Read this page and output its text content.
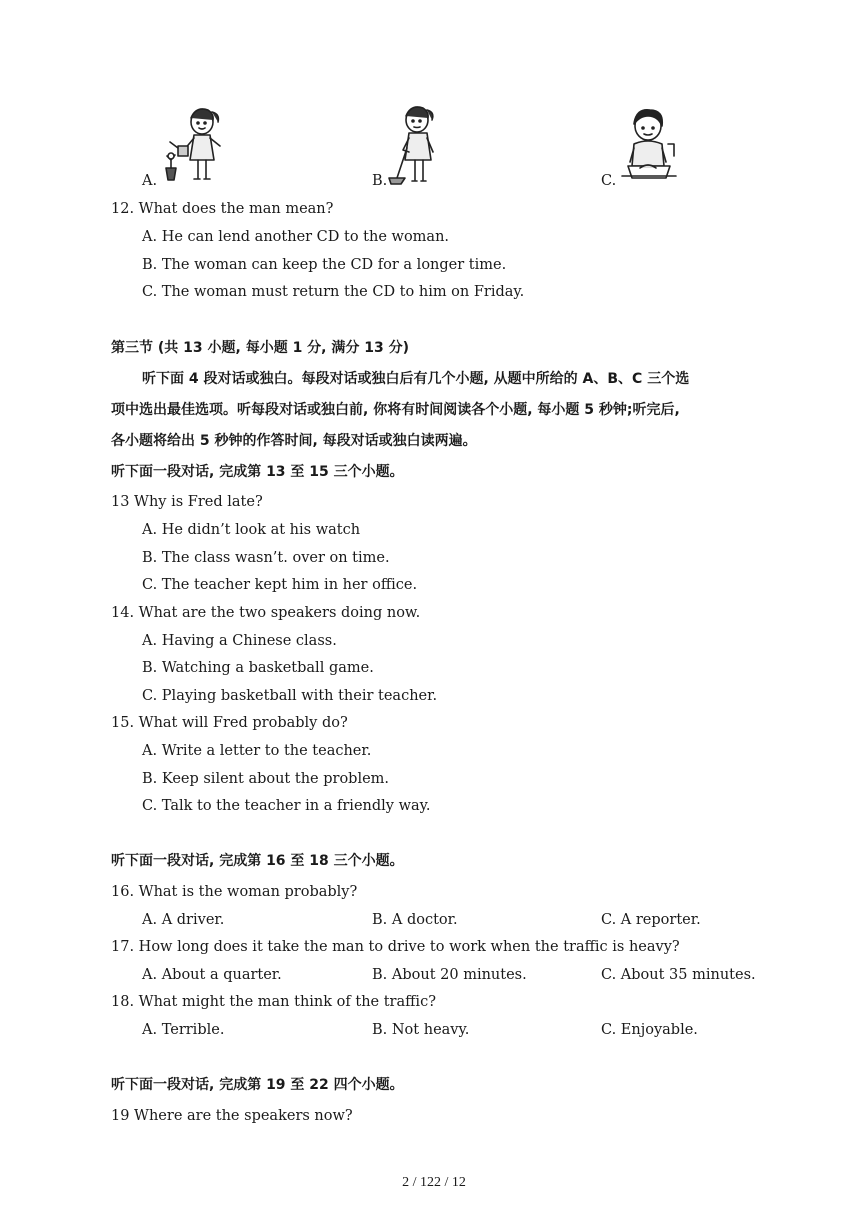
A.	B.	C.
12. What does the man mean?
A. He can lend another CD to the woman.
B. The woman can keep the CD for a longer time.
C. The woman must return the CD to him on Friday.
第三节 (共 13 小题, 每小题 1 分, 满分 13 分)
听下面 4 段对话或独白。每段对话或独白后有几个小题, 从题中所给的 A、B、C 三个选
项中选出最佳选项。听每段对话或独白前, 你将有时间阅读各个小题, 每小题 5 秒钟;听完后,
各小题将给出 5 秒钟的作答时间, 每段对话或独白读两遍。
听下面一段对话, 完成第 13 至 15 三个小题。
13 Why is Fred late?
A. He didn’t look at his watch
B. The class wasn’t. over on time.
C. The teacher kept him in her office.
14. What are the two speakers doing now.
A. Having a Chinese class.
B. Watching a basketball game.
C. Playing basketball with their teacher.
15. What will Fred probably do?
A. Write a letter to the teacher.
B. Keep silent about the problem.
C. Talk to the teacher in a friendly way.
听下面一段对话, 完成第 16 至 18 三个小题。
16. What is the woman probably?
A. A driver.	B. A doctor.	C. A reporter.
17. How long does it take the man to drive to work when the traffic is heavy?
A. About a quarter.	B. About 20 minutes.	C. About 35 minutes.
18. What might the man think of the traffic?
A. Terrible.	B. Not heavy.	C. Enjoyable.
听下面一段对话, 完成第 19 至 22 四个小题。
19 Where are the speakers now?
2 / 122 / 12
